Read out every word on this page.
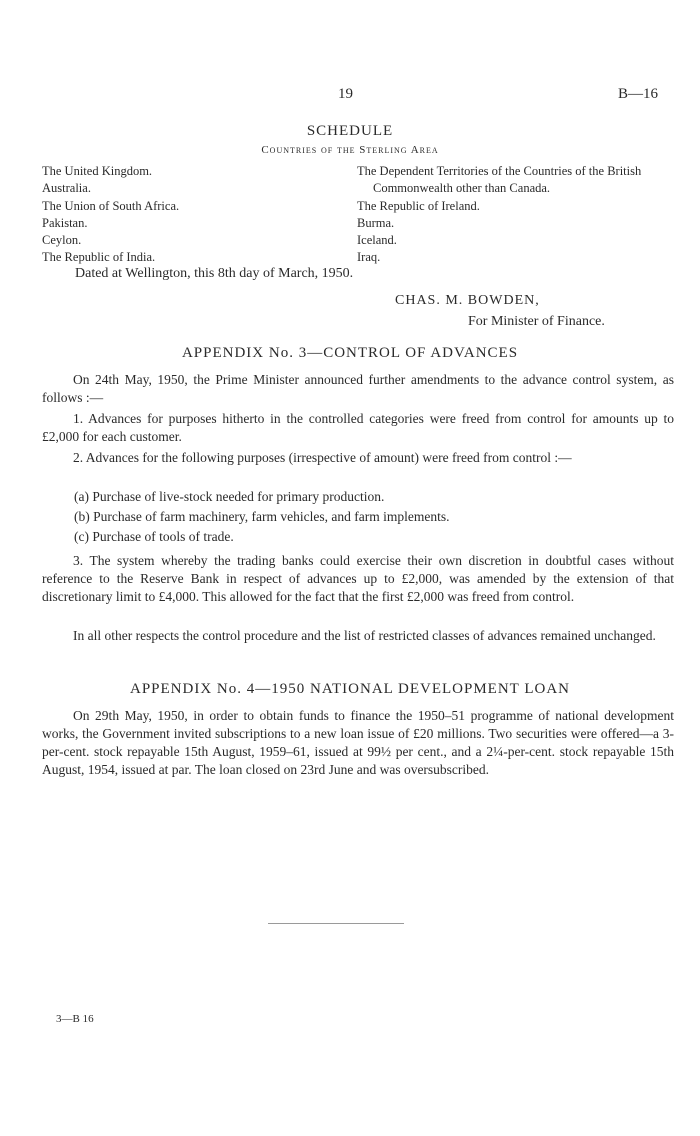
19	B—16
SCHEDULE
Countries of the Sterling Area
The United Kingdom.
Australia.
The Union of South Africa.
Pakistan.
Ceylon.
The Republic of India.
The Dependent Territories of the Countries of the British Commonwealth other than Canada.
The Republic of Ireland.
Burma.
Iceland.
Iraq.
Dated at Wellington, this 8th day of March, 1950.
CHAS. M. BOWDEN,
For Minister of Finance.
APPENDIX No. 3—CONTROL OF ADVANCES
On 24th May, 1950, the Prime Minister announced further amendments to the advance control system, as follows :—
1. Advances for purposes hitherto in the controlled categories were freed from control for amounts up to £2,000 for each customer.
2. Advances for the following purposes (irrespective of amount) were freed from control :—
(a) Purchase of live-stock needed for primary production.
(b) Purchase of farm machinery, farm vehicles, and farm implements.
(c) Purchase of tools of trade.
3. The system whereby the trading banks could exercise their own discretion in doubtful cases without reference to the Reserve Bank in respect of advances up to £2,000, was amended by the extension of that discretionary limit to £4,000. This allowed for the fact that the first £2,000 was freed from control.
In all other respects the control procedure and the list of restricted classes of advances remained unchanged.
APPENDIX No. 4—1950 NATIONAL DEVELOPMENT LOAN
On 29th May, 1950, in order to obtain funds to finance the 1950–51 programme of national development works, the Government invited subscriptions to a new loan issue of £20 millions. Two securities were offered—a 3-per-cent. stock repayable 15th August, 1959–61, issued at 99½ per cent., and a 2¼-per-cent. stock repayable 15th August, 1954, issued at par. The loan closed on 23rd June and was oversubscribed.
3—B 16
